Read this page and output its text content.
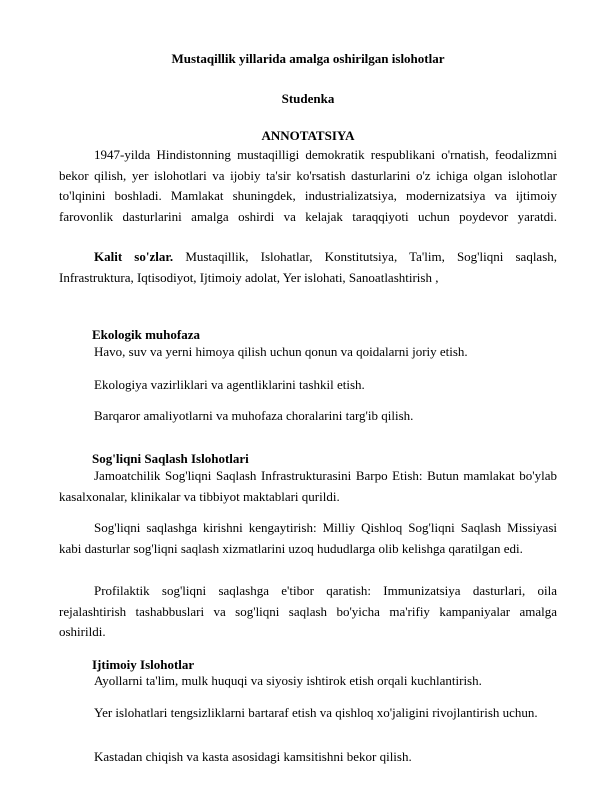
Mustaqillik yillarida amalga oshirilgan islohotlar
Studenka
ANNOTATSIYA
1947-yilda Hindistonning mustaqilligi demokratik respublikani o'rnatish, feodalizmni bekor qilish, yer islohotlari va ijobiy ta'sir ko'rsatish dasturlarini o'z ichiga olgan islohotlar to'lqinini boshladi. Mamlakat shuningdek, industrializatsiya, modernizatsiya va ijtimoiy farovonlik dasturlarini amalga oshirdi va kelajak taraqqiyoti uchun poydevor yaratdi.
Kalit so'zlar. Mustaqillik, Islohatlar, Konstitutsiya, Ta'lim, Sog'liqni saqlash, Infrastruktura, Iqtisodiyot, Ijtimoiy adolat, Yer islohati, Sanoatlashtirish ,
Ekologik muhofaza
Havo, suv va yerni himoya qilish uchun qonun va qoidalarni joriy etish.
Ekologiya vazirliklari va agentliklarini tashkil etish.
Barqaror amaliyotlarni va muhofaza choralarini targ'ib qilish.
Sog'liqni Saqlash Islohotlari
Jamoatchilik Sog'liqni Saqlash Infrastrukturasini Barpo Etish: Butun mamlakat bo'ylab kasalxonalar, klinikalar va tibbiyot maktablari qurildi.
Sog'liqni saqlashga kirishni kengaytirish: Milliy Qishloq Sog'liqni Saqlash Missiyasi kabi dasturlar sog'liqni saqlash xizmatlarini uzoq hududlarga olib kelishga qaratilgan edi.
Profilaktik sog'liqni saqlashga e'tibor qaratish: Immunizatsiya dasturlari, oila rejalashtirish tashabbuslari va sog'liqni saqlash bo'yicha ma'rifiy kampaniyalar amalga oshirildi.
Ijtimoiy Islohotlar
Ayollarni ta'lim, mulk huquqi va siyosiy ishtirok etish orqali kuchlantirish.
Yer islohatlari tengsizliklarni bartaraf etish va qishloq xo'jaligini rivojlantirish uchun.
Kastadan chiqish va kasta asosidagi kamsitishni bekor qilish.
